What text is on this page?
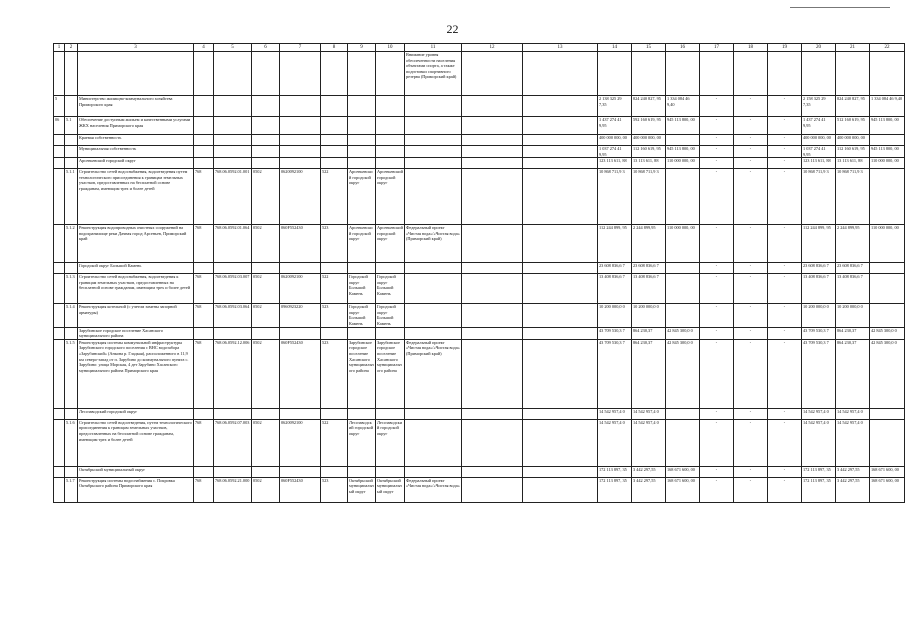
22
1	2	3	4	5	6	7	8	9	10	11	12	13	14	15	16	17	18	19	20	21	22
										Внимание уровня обеспеченности населения объектами спорта, а также подготовки спортивного резерва (Приморский край)											
5		Министерство жилищно-коммунального хозяйства Приморского края											2 138 325 29 7,35	824 240 827, 95	1 334 084 46 9,40	-	-	-	2 158 325 29 7,35	824 240 827, 95	1 334 084 46 9,40
06	5.1	Обеспечение доступным жильем и качественными услугами ЖКХ населения Приморского края											1 437 274 41 9,95	592 160 619, 95	945 113 800, 00	-	-	-	1 437 274 41 9,95	512 160 619, 95	945 113 800, 00
		Краевая собственность											400 000 000, 00	400 000 000, 00		-	-	-	400 000 000, 00	400 000 000, 00	
		Муниципальная собственность											1 037 274 41 9,95	112 160 619, 95	945 113 800, 00	-	-	-	1 037 274 41 9,95	112 160 619, 95	945 113 800, 00
		Арсеньевский городской округ											123 113 611, 88	13 113 611, 88	110 000 000, 00	-	-	-	123 113 611, 88	13 113 611, 88	110 000 000, 00
	5.1.1	Строительство сетей водоснабжения, водоотведения путем технологического присоединения к границам земельных участков, предоставленных на бесплатной основе гражданам, имеющим трех и более детей	768	768.06.0592.01.001	0502	0620092100	522	Арсеньевский городской округ	Арсеньевский городской округ				10 868 711,9 3	10 868 711,9 3		-	-	-	10 868 711,9 3	10 868 711,9 3	
	5.1.2	Реконструкция водопроводных очистных сооружений на водохранилище реки Дачная город Арсеньев, Приморский край	768	768.06.0592.01.064	0502	060F552430	523	Арсеньевский городской округ	Арсеньевский городской округ	Федеральный проект «Чистая вода»/«Чистая вода» (Приморский край)			112 244 899, 95	2 244 899,95	110 000 000, 00	-	-	-	112 244 899, 95	2 244 899,95	110 000 000, 00
		Городской округ Большой Камень											23 608 836,6 7	23 608 836,6 7		-	-	-	23 608 836,6 7	23 608 836,6 7	
	5.1.3	Строительство сетей водоснабжения, водоотведения к границам земельных участков, предоставленных на бесплатной основе гражданам, имеющим трех и более детей	768	768.06.0592.03.007	0502	0620092100	522	Городской округ Большой Камень	Городской округ Большой Камень				13 408 836,6 7	13 408 836,6 7		-	-	-	13 408 836,6 7	13 408 836,6 7	
	5.1.4	Реконструкция котельной (с учетом замены запорной арматуры)	768	768.06.0592.03.064	0502	0960923220	523	Городской округ Большой Камень	Городской округ Большой Камень				10 200 000,0 0	10 200 000,0 0		-	-	-	10 200 000,0 0	10 200 000,0 0	
		Зарубинское городское поселение Хасанского муниципального района											43 709 530,3 7	864 230,37	42 845 300,0 0	-	-	-	43 709 530,3 7	864 230,37	42 845 300,0 0
	5.1.5	Реконструкция системы коммунальной инфраструктуры Зарубинского городского поселения с ВНС водозабора «Зарубинский» (Анкона р. Гладкая), расположенного в 11,9 км северо-запад от п. Зарубино до коммунального пункта с. Зарубино: улица Морская, 4 дет Зарубино Хасанского муниципального района Приморского края	768	768.06.0592.12.006	0502	060F552430	523	Зарубинское городское поселение Хасанского муниципального района	Зарубинское городское поселение Хасанского муниципального района	Федеральный проект «Чистая вода»/«Чистая вода» (Приморский край)			43 709 530,3 7	864 230,37	42 845 300,0 0	-	-	-	43 709 530,3 7	864 230,37	42 845 300,0 0
		Лесозаводский городской округ											14 542 957,4 0	14 542 957,4 0		-	-	-	14 542 957,4 0	14 542 957,4 0	
	5.1.6	Строительство сетей водоотведения, путем технологического присоединения к границам земельных участков, предоставленных на бесплатной основе гражданам, имеющим трех и более детей	768	768.06.0592.07.003	0502	0620092100	522	Лесозаводский городской округ	Лесозаводский городской округ				14 542 957,4 0	14 542 957,4 0		-	-	-	14 542 957,4 0	14 542 957,4 0	
		Октябрьский муниципальный округ											172 113 897, 35	3 442 297,55	168 671 600, 00	-	-	-	172 113 897, 35	3 442 297,55	168 671 600, 00
	5.1.7	Реконструкция системы водоснабжения с. Покровка Октябрьского района Приморского края	768	768.06.0592.21.000	0502	060F552430	523	Октябрьский муниципальный округ	Октябрьский муниципальный округ	Федеральный проект «Чистая вода»/«Чистая вода»			172 113 897, 35	3 442 297,55	168 671 600, 00	-	-	-	172 113 897, 35	3 442 297,55	168 671 600, 00
